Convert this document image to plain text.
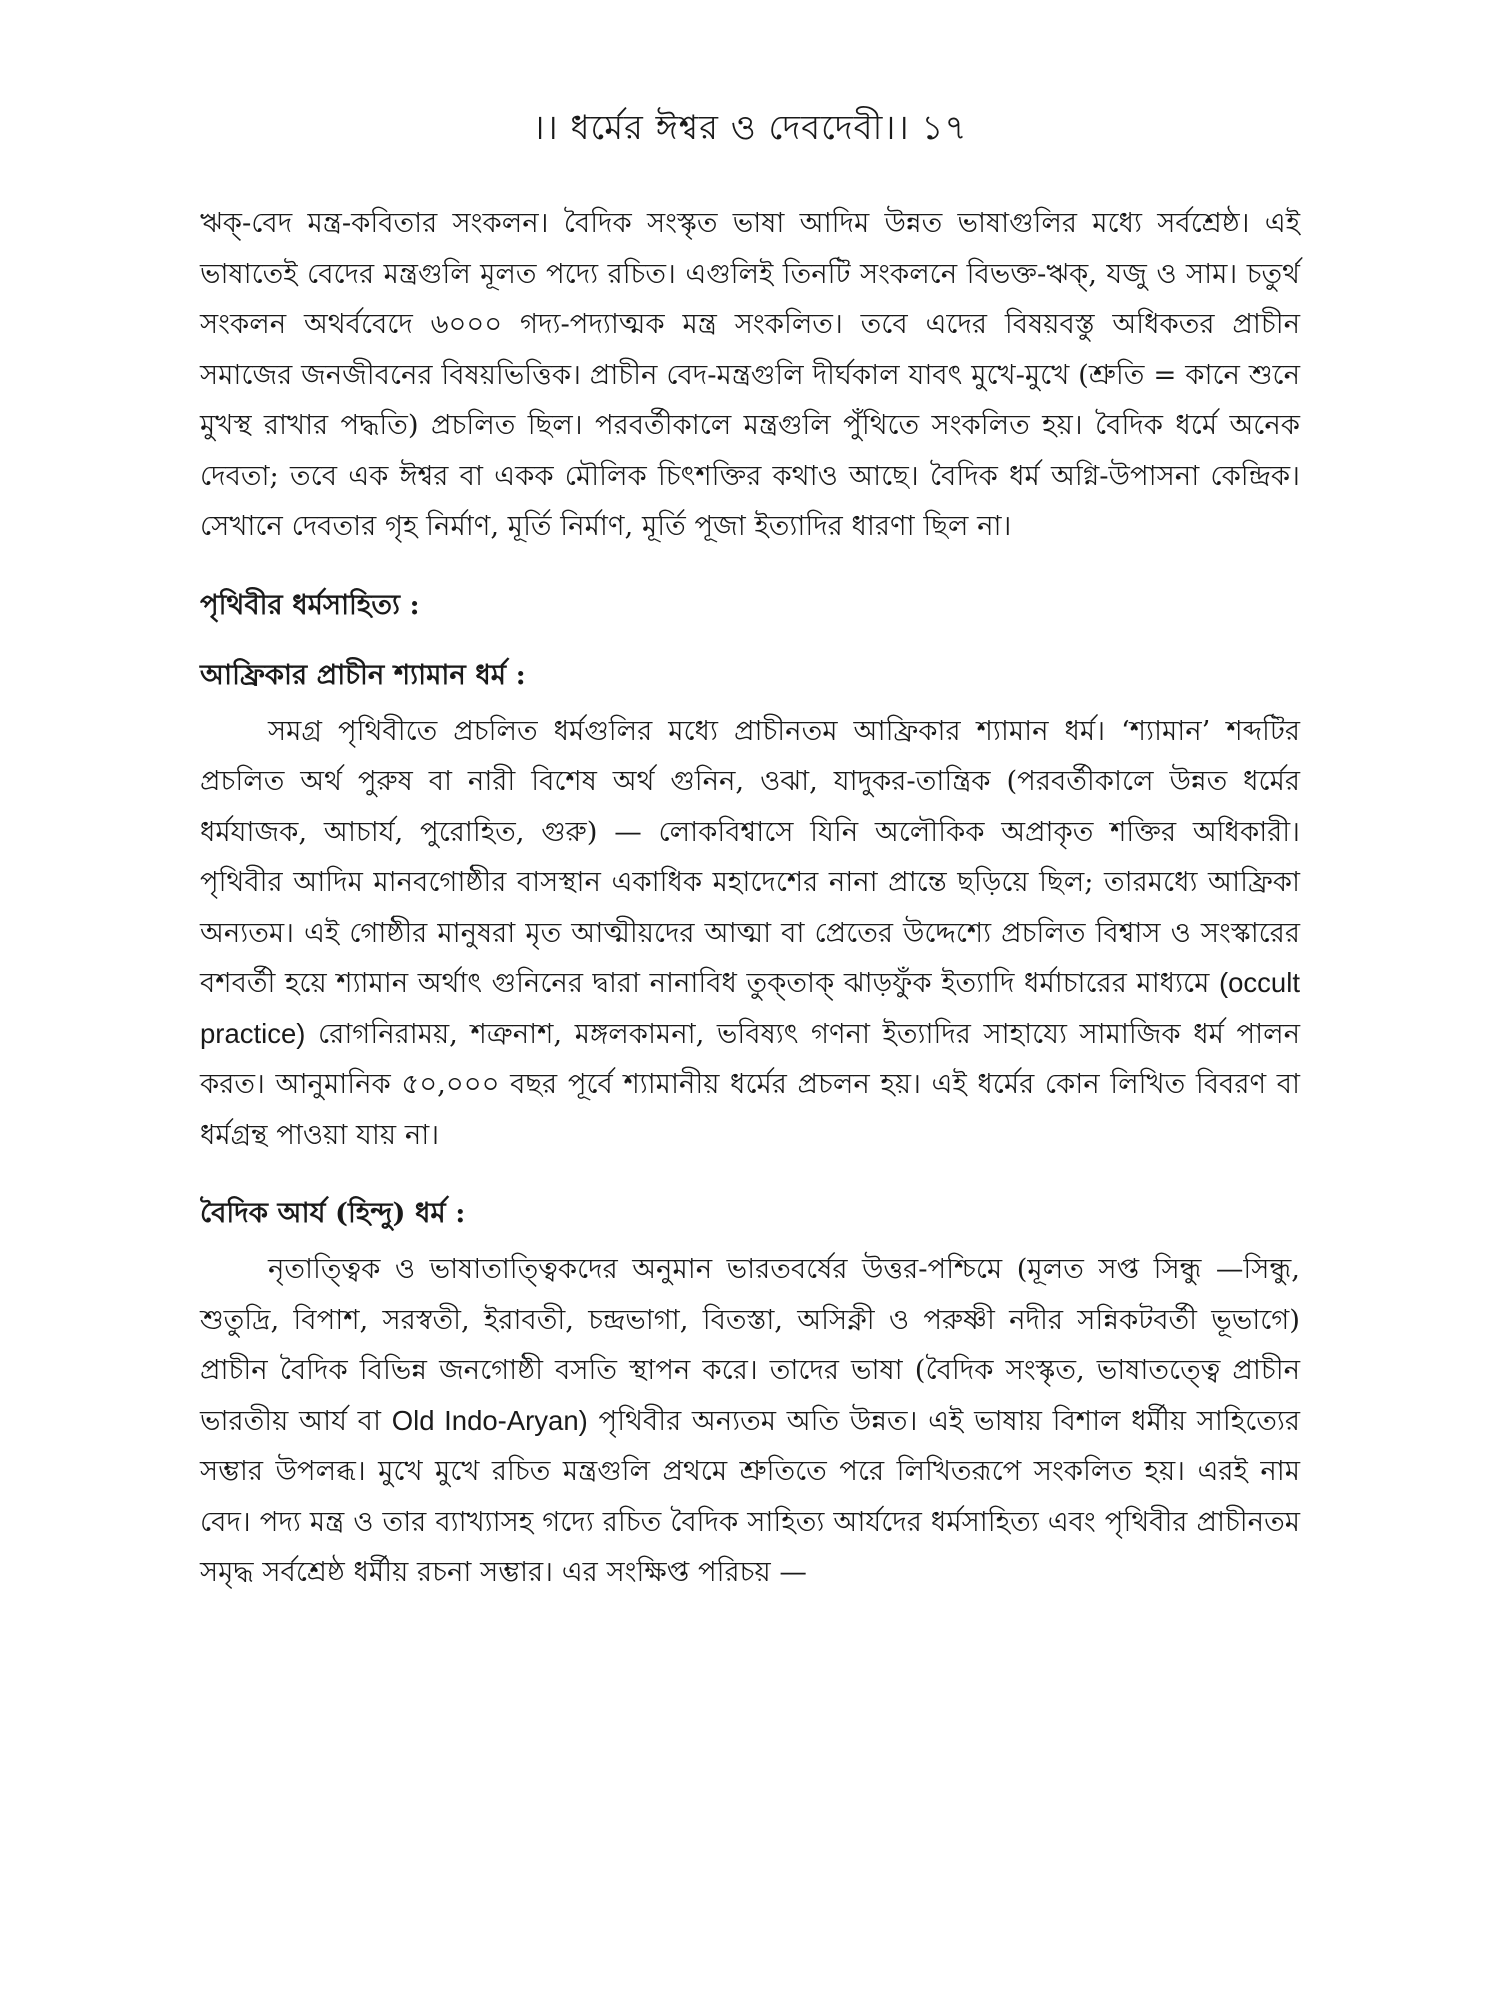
।। ধর্মের ঈশ্বর ও দেবদেবী।। ১৭

ঋক্-বেদ মন্ত্র-কবিতার সংকলন। বৈদিক সংস্কৃত ভাষা আদিম উন্নত ভাষাগুলির মধ্যে সর্বশ্রেষ্ঠ। এই ভাষাতেই বেদের মন্ত্রগুলি মূলত পদ্যে রচিত। এগুলিই তিনটি সংকলনে বিভক্ত-ঋক্, যজু ও সাম। চতুর্থ সংকলন অথর্ববেদে ৬০০০ গদ্য-পদ্যাত্মক মন্ত্র সংকলিত। তবে এদের বিষয়বস্তু অধিকতর প্রাচীন সমাজের জনজীবনের বিষয়ভিত্তিক। প্রাচীন বেদ-মন্ত্রগুলি দীর্ঘকাল যাবৎ মুখে-মুখে (শ্রুতি = কানে শুনে মুখস্থ রাখার পদ্ধতি) প্রচলিত ছিল। পরবর্তীকালে মন্ত্রগুলি পুঁথিতে সংকলিত হয়। বৈদিক ধর্মে অনেক দেবতা; তবে এক ঈশ্বর বা একক মৌলিক চিৎশক্তির কথাও আছে। বৈদিক ধর্ম অগ্নি-উপাসনা কেন্দ্রিক। সেখানে দেবতার গৃহ নির্মাণ, মূর্তি নির্মাণ, মূর্তি পূজা ইত্যাদির ধারণা ছিল না।

পৃথিবীর ধর্মসাহিত্য :
আফ্রিকার প্রাচীন শ্যামান ধর্ম :

সমগ্র পৃথিবীতে প্রচলিত ধর্মগুলির মধ্যে প্রাচীনতম আফ্রিকার শ্যামান ধর্ম। ‘শ্যামান’ শব্দটির প্রচলিত অর্থ পুরুষ বা নারী বিশেষ অর্থ গুনিন, ওঝা, যাদুকর-তান্ত্রিক (পরবর্তীকালে উন্নত ধর্মের ধর্মযাজক, আচার্য, পুরোহিত, গুরু) — লোকবিশ্বাসে যিনি অলৌকিক অপ্রাকৃত শক্তির অধিকারী। পৃথিবীর আদিম মানবগোষ্ঠীর বাসস্থান একাধিক মহাদেশের নানা প্রান্তে ছড়িয়ে ছিল; তারমধ্যে আফ্রিকা অন্যতম। এই গোষ্ঠীর মানুষরা মৃত আত্মীয়দের আত্মা বা প্রেতের উদ্দেশ্যে প্রচলিত বিশ্বাস ও সংস্কারের বশবর্তী হয়ে শ্যামান অর্থাৎ গুনিনের দ্বারা নানাবিধ তুক্‌তাক্ ঝাড়ফুঁক ইত্যাদি ধর্মাচারের মাধ্যমে (occult practice) রোগনিরাময়, শত্রুনাশ, মঙ্গলকামনা, ভবিষ্যৎ গণনা ইত্যাদির সাহায্যে সামাজিক ধর্ম পালন করত। আনুমানিক ৫০,০০০ বছর পূর্বে শ্যামানীয় ধর্মের প্রচলন হয়। এই ধর্মের কোন লিখিত বিবরণ বা ধর্মগ্রন্থ পাওয়া যায় না।

বৈদিক আর্য (হিন্দু) ধর্ম :

নৃতাত্ত্বিক ও ভাষাতাত্ত্বিকদের অনুমান ভারতবর্ষের উত্তর-পশ্চিমে (মূলত সপ্ত সিন্ধু —সিন্ধু, শুতুদ্রি, বিপাশ, সরস্বতী, ইরাবতী, চন্দ্রভাগা, বিতস্তা, অসিক্নী ও পরুষ্ণী নদীর সন্নিকটবর্তী ভূভাগে) প্রাচীন বৈদিক বিভিন্ন জনগোষ্ঠী বসতি স্থাপন করে। তাদের ভাষা (বৈদিক সংস্কৃত, ভাষাতত্ত্বে প্রাচীন ভারতীয় আর্য বা Old Indo-Aryan) পৃথিবীর অন্যতম অতি উন্নত। এই ভাষায় বিশাল ধর্মীয় সাহিত্যের সম্ভার উপলব্ধ। মুখে মুখে রচিত মন্ত্রগুলি প্রথমে শ্রুতিতে পরে লিখিতরূপে সংকলিত হয়। এরই নাম বেদ। পদ্য মন্ত্র ও তার ব্যাখ্যাসহ গদ্যে রচিত বৈদিক সাহিত্য আর্যদের ধর্মসাহিত্য এবং পৃথিবীর প্রাচীনতম সমৃদ্ধ সর্বশ্রেষ্ঠ ধর্মীয় রচনা সম্ভার। এর সংক্ষিপ্ত পরিচয় —
